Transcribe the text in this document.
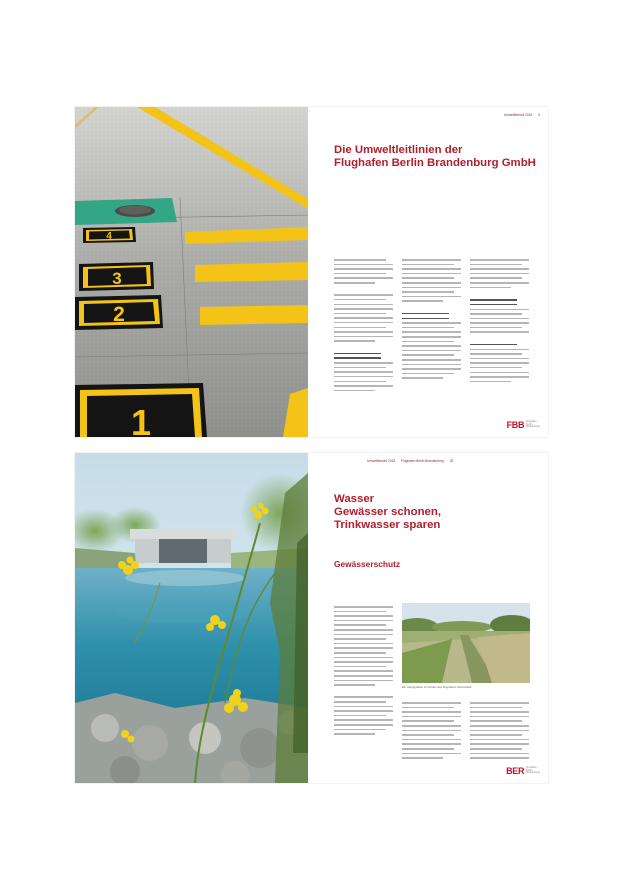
4
3
2
1
Umweltbericht 2015 5
Die Umweltleitlinien der
Flughafen Berlin Brandenburg GmbH

FBB Flughafen
Berlin
Brandenburg
Umweltbericht 2015 Flughafen Berlin Brandenburg 30
Wasser
Gewässer schonen,
Trinkwasser sparen
Gewässerschutz

Ein Hauptgraben im Norden des Flughafens Schönefeld
BER Flughafen
Berlin
Brandenburg
